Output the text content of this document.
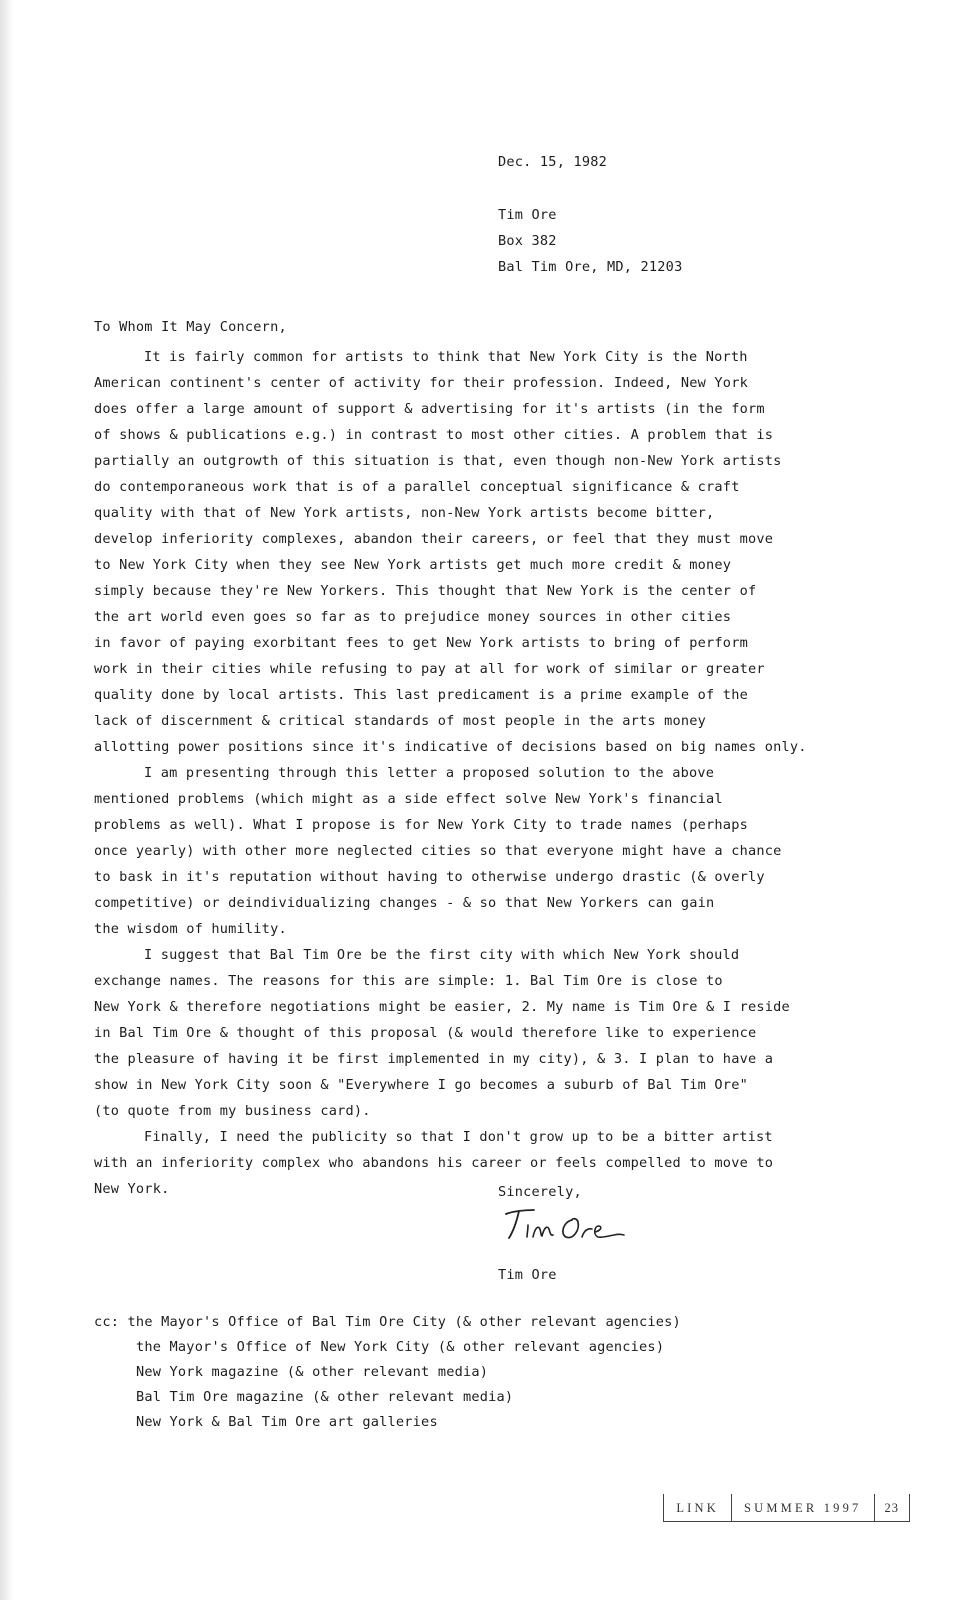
Dec. 15, 1982
Tim Ore
Box 382
Bal Tim Ore, MD, 21203
To Whom It May Concern,
It is fairly common for artists to think that New York City is the North
American continent's center of activity for their profession. Indeed, New York
does offer a large amount of support & advertising for it's artists (in the form
of shows & publications e.g.) in contrast to most other cities. A problem that is
partially an outgrowth of this situation is that, even though non-New York artists
do contemporaneous work that is of a parallel conceptual significance & craft
quality with that of New York artists, non-New York artists become bitter,
develop inferiority complexes, abandon their careers, or feel that they must move
to New York City when they see New York artists get much more credit & money
simply because they're New Yorkers. This thought that New York is the center of
the art world even goes so far as to prejudice money sources in other cities
in favor of paying exorbitant fees to get New York artists to bring of perform
work in their cities while refusing to pay at all for work of similar or greater
quality done by local artists. This last predicament is a prime example of the
lack of discernment & critical standards of most people in the arts money
allotting power positions since it's indicative of decisions based on big names only.
I am presenting through this letter a proposed solution to the above
mentioned problems (which might as a side effect solve New York's financial
problems as well). What I propose is for New York City to trade names (perhaps
once yearly) with other more neglected cities so that everyone might have a chance
to bask in it's reputation without having to otherwise undergo drastic (& overly
competitive) or deindividualizing changes - & so that New Yorkers can gain
the wisdom of humility.
I suggest that Bal Tim Ore be the first city with which New York should
exchange names. The reasons for this are simple: 1. Bal Tim Ore is close to
New York & therefore negotiations might be easier, 2. My name is Tim Ore & I reside
in Bal Tim Ore & thought of this proposal (& would therefore like to experience
the pleasure of having it be first implemented in my city), & 3. I plan to have a
show in New York City soon & "Everywhere I go becomes a suburb of Bal Tim Ore"
(to quote from my business card).
Finally, I need the publicity so that I don't grow up to be a bitter artist
with an inferiority complex who abandons his career or feels compelled to move to
New York.	Sincerely,
Tim Ore
cc: the Mayor's Office of Bal Tim Ore City (& other relevant agencies)
the Mayor's Office of New York City (& other relevant agencies)
New York magazine (& other relevant media)
Bal Tim Ore magazine (& other relevant media)
New York & Bal Tim Ore art galleries
LINK	SUMMER 1997	23
